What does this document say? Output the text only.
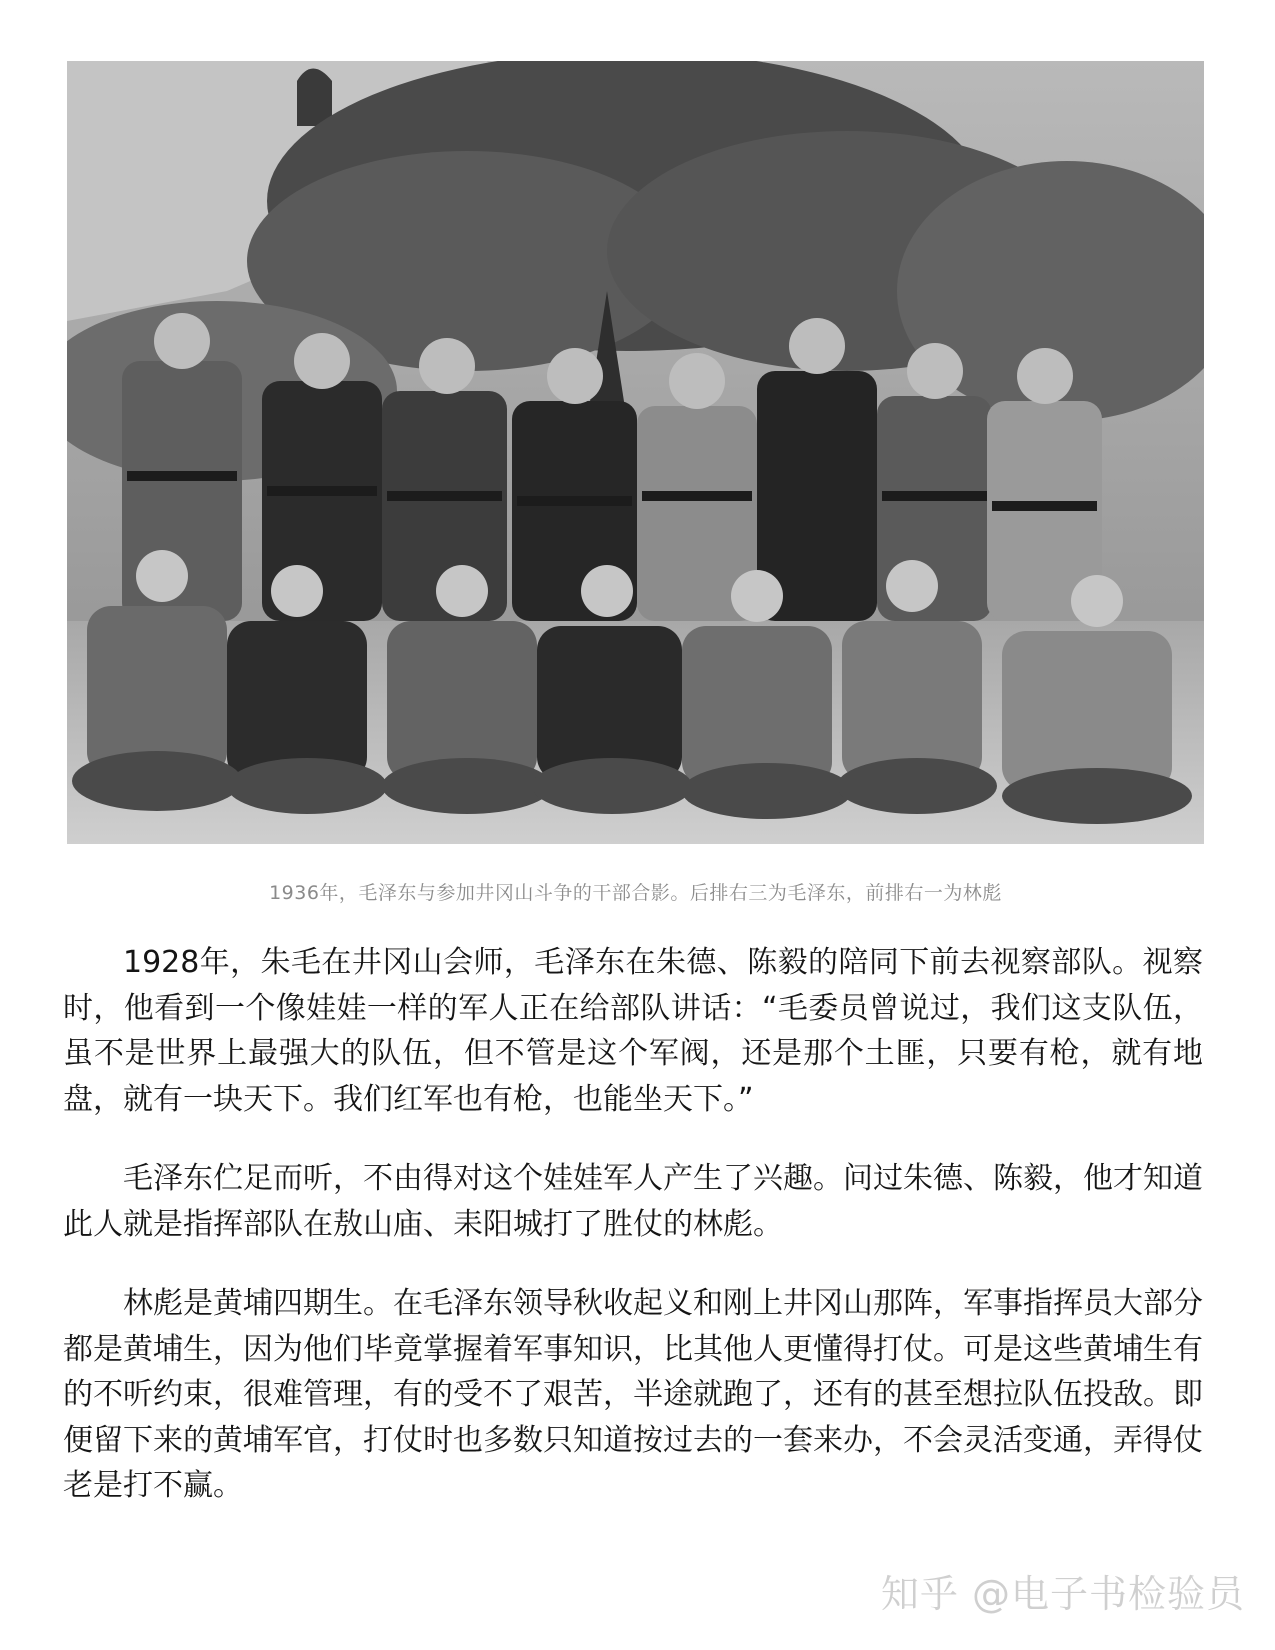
1936年，毛泽东与参加井冈山斗争的干部合影。后排右三为毛泽东，前排右一为林彪

1928年，朱毛在井冈山会师，毛泽东在朱德、陈毅的陪同下前去视察部队。视察时，他看到一个像娃娃一样的军人正在给部队讲话：“毛委员曾说过，我们这支队伍，虽不是世界上最强大的队伍，但不管是这个军阀，还是那个土匪，只要有枪，就有地盘，就有一块天下。我们红军也有枪，也能坐天下。”

毛泽东伫足而听，不由得对这个娃娃军人产生了兴趣。问过朱德、陈毅，他才知道此人就是指挥部队在敖山庙、耒阳城打了胜仗的林彪。

林彪是黄埔四期生。在毛泽东领导秋收起义和刚上井冈山那阵，军事指挥员大部分都是黄埔生，因为他们毕竟掌握着军事知识，比其他人更懂得打仗。可是这些黄埔生有的不听约束，很难管理，有的受不了艰苦，半途就跑了，还有的甚至想拉队伍投敌。即便留下来的黄埔军官，打仗时也多数只知道按过去的一套来办，不会灵活变通，弄得仗老是打不赢。

知乎 @电子书检验员
